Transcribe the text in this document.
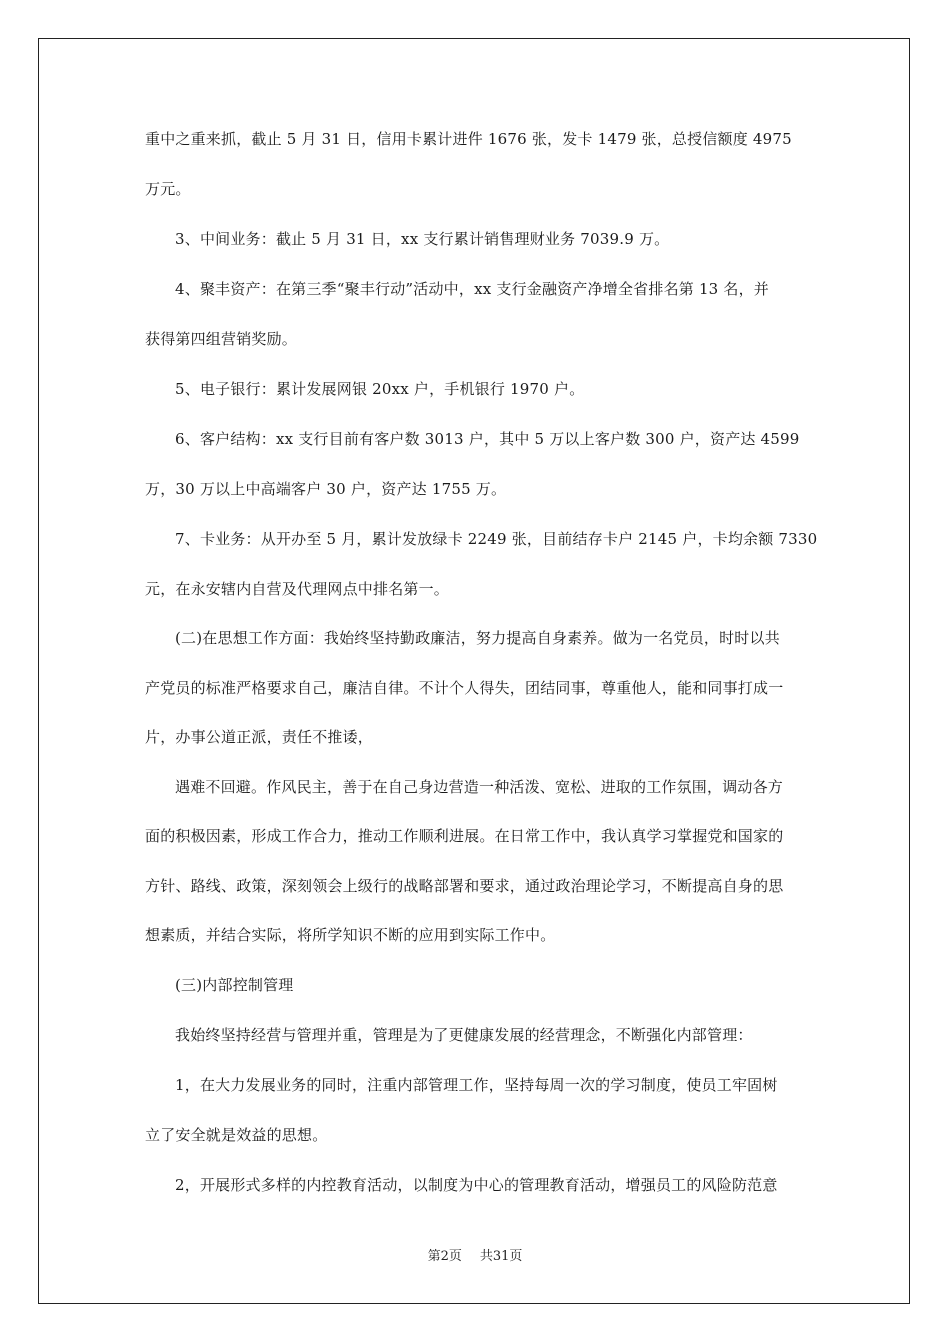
重中之重来抓，截止 5 月 31 日，信用卡累计进件 1676 张，发卡 1479 张，总授信额度 4975
万元。
3、中间业务：截止 5 月 31 日，xx 支行累计销售理财业务 7039.9 万。
4、聚丰资产：在第三季“聚丰行动”活动中，xx 支行金融资产净增全省排名第 13 名，并
获得第四组营销奖励。
5、电子银行：累计发展网银 20xx 户，手机银行 1970 户。
6、客户结构：xx 支行目前有客户数 3013 户，其中 5 万以上客户数 300 户，资产达 4599
万，30 万以上中高端客户 30 户，资产达 1755 万。
7、卡业务：从开办至 5 月，累计发放绿卡 2249 张，目前结存卡户 2145 户，卡均余额 7330
元，在永安辖内自营及代理网点中排名第一。
(二)在思想工作方面：我始终坚持勤政廉洁，努力提高自身素养。做为一名党员，时时以共
产党员的标准严格要求自己，廉洁自律。不计个人得失，团结同事，尊重他人，能和同事打成一
片，办事公道正派，责任不推诿，
遇难不回避。作风民主，善于在自己身边营造一种活泼、宽松、进取的工作氛围，调动各方
面的积极因素，形成工作合力，推动工作顺利进展。在日常工作中，我认真学习掌握党和国家的
方针、路线、政策，深刻领会上级行的战略部署和要求，通过政治理论学习，不断提高自身的思
想素质，并结合实际，将所学知识不断的应用到实际工作中。
(三)内部控制管理
我始终坚持经营与管理并重，管理是为了更健康发展的经营理念，不断强化内部管理：
1，在大力发展业务的同时，注重内部管理工作，坚持每周一次的学习制度，使员工牢固树
立了安全就是效益的思想。
2，开展形式多样的内控教育活动，以制度为中心的管理教育活动，增强员工的风险防范意
第2页 共31页
